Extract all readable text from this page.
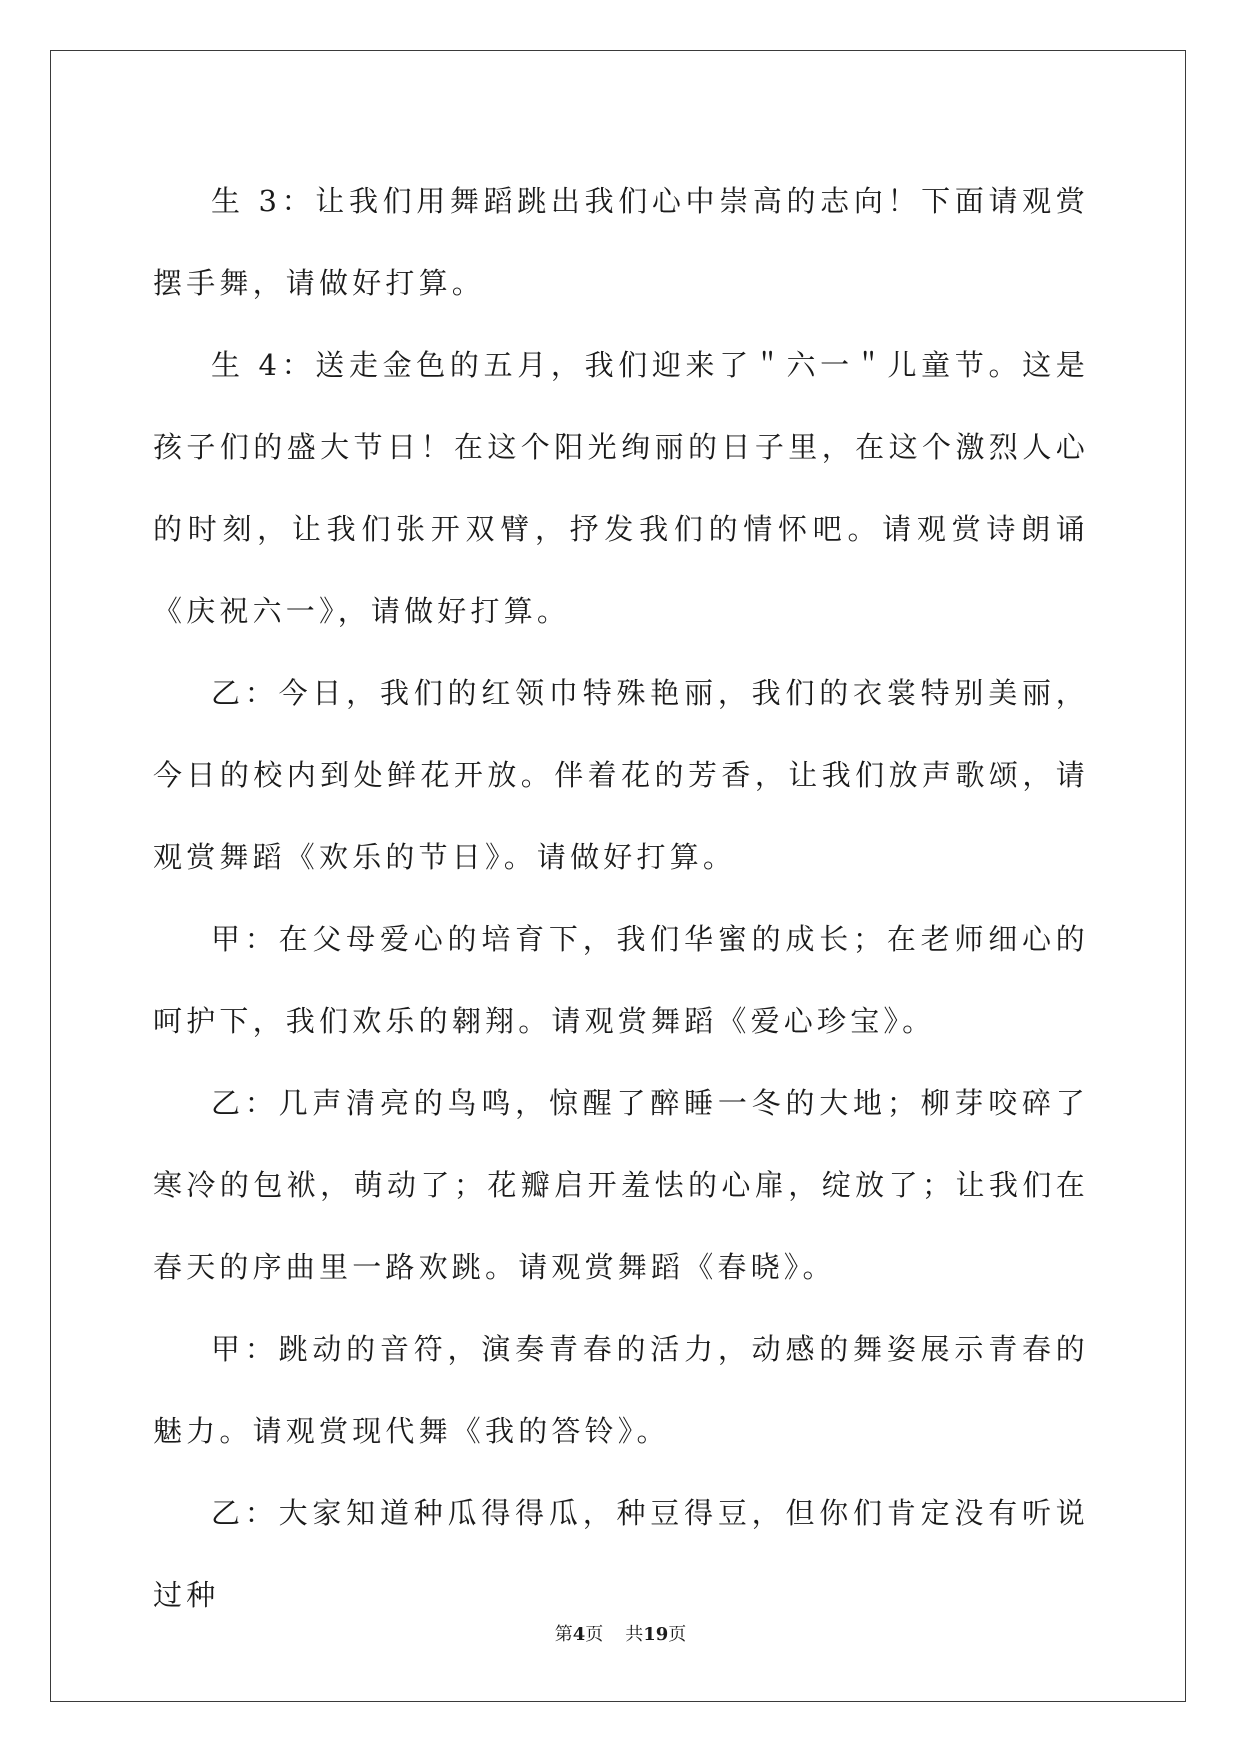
生 3：让我们用舞蹈跳出我们心中崇高的志向！下面请观赏摆手舞，请做好打算。

生 4：送走金色的五月，我们迎来了＂六一＂儿童节。这是孩子们的盛大节日！在这个阳光绚丽的日子里，在这个激烈人心的时刻，让我们张开双臂，抒发我们的情怀吧。请观赏诗朗诵《庆祝六一》，请做好打算。

乙：今日，我们的红领巾特殊艳丽，我们的衣裳特别美丽，今日的校内到处鲜花开放。伴着花的芳香，让我们放声歌颂，请观赏舞蹈《欢乐的节日》。请做好打算。

甲：在父母爱心的培育下，我们华蜜的成长；在老师细心的呵护下，我们欢乐的翱翔。请观赏舞蹈《爱心珍宝》。

乙：几声清亮的鸟鸣，惊醒了醉睡一冬的大地；柳芽咬碎了寒冷的包袱，萌动了；花瓣启开羞怯的心扉，绽放了；让我们在春天的序曲里一路欢跳。请观赏舞蹈《春晓》。

甲：跳动的音符，演奏青春的活力，动感的舞姿展示青春的魅力。请观赏现代舞《我的答铃》。

乙：大家知道种瓜得得瓜，种豆得豆，但你们肯定没有听说过种

第4页 共19页
